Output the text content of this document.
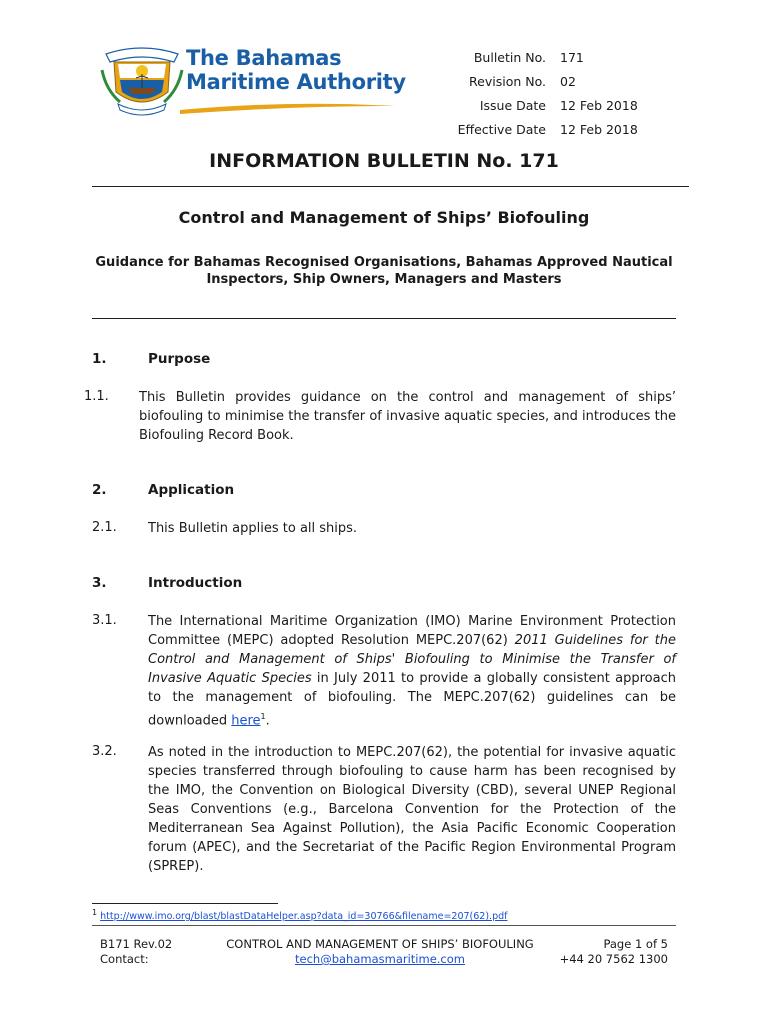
The Bahamas
Maritime Authority
Bulletin No.	171
Revision No.	02
Issue Date	12 Feb 2018
Effective Date	12 Feb 2018
INFORMATION BULLETIN No. 171
Control and Management of Ships’ Biofouling
Guidance for Bahamas Recognised Organisations, Bahamas Approved Nautical Inspectors, Ship Owners, Managers and Masters
1.	Purpose
1.1. This Bulletin provides guidance on the control and management of ships’ biofouling to minimise the transfer of invasive aquatic species, and introduces the Biofouling Record Book.
2.	Application
2.1. This Bulletin applies to all ships.
3.	Introduction
3.1. The International Maritime Organization (IMO) Marine Environment Protection Committee (MEPC) adopted Resolution MEPC.207(62) 2011 Guidelines for the Control and Management of Ships' Biofouling to Minimise the Transfer of Invasive Aquatic Species in July 2011 to provide a globally consistent approach to the management of biofouling. The MEPC.207(62) guidelines can be downloaded here$^1$.
3.2. As noted in the introduction to MEPC.207(62), the potential for invasive aquatic species transferred through biofouling to cause harm has been recognised by the IMO, the Convention on Biological Diversity (CBD), several UNEP Regional Seas Conventions (e.g., Barcelona Convention for the Protection of the Mediterranean Sea Against Pollution), the Asia Pacific Economic Cooperation forum (APEC), and the Secretariat of the Pacific Region Environmental Program (SPREP).
$^1$ http://www.imo.org/blast/blastDataHelper.asp?data_id=30766&filename=207(62).pdf
B171 Rev.02
Contact:
CONTROL AND MANAGEMENT OF SHIPS’ BIOFOULING
tech@bahamasmaritime.com
Page 1 of 5
+44 20 7562 1300
